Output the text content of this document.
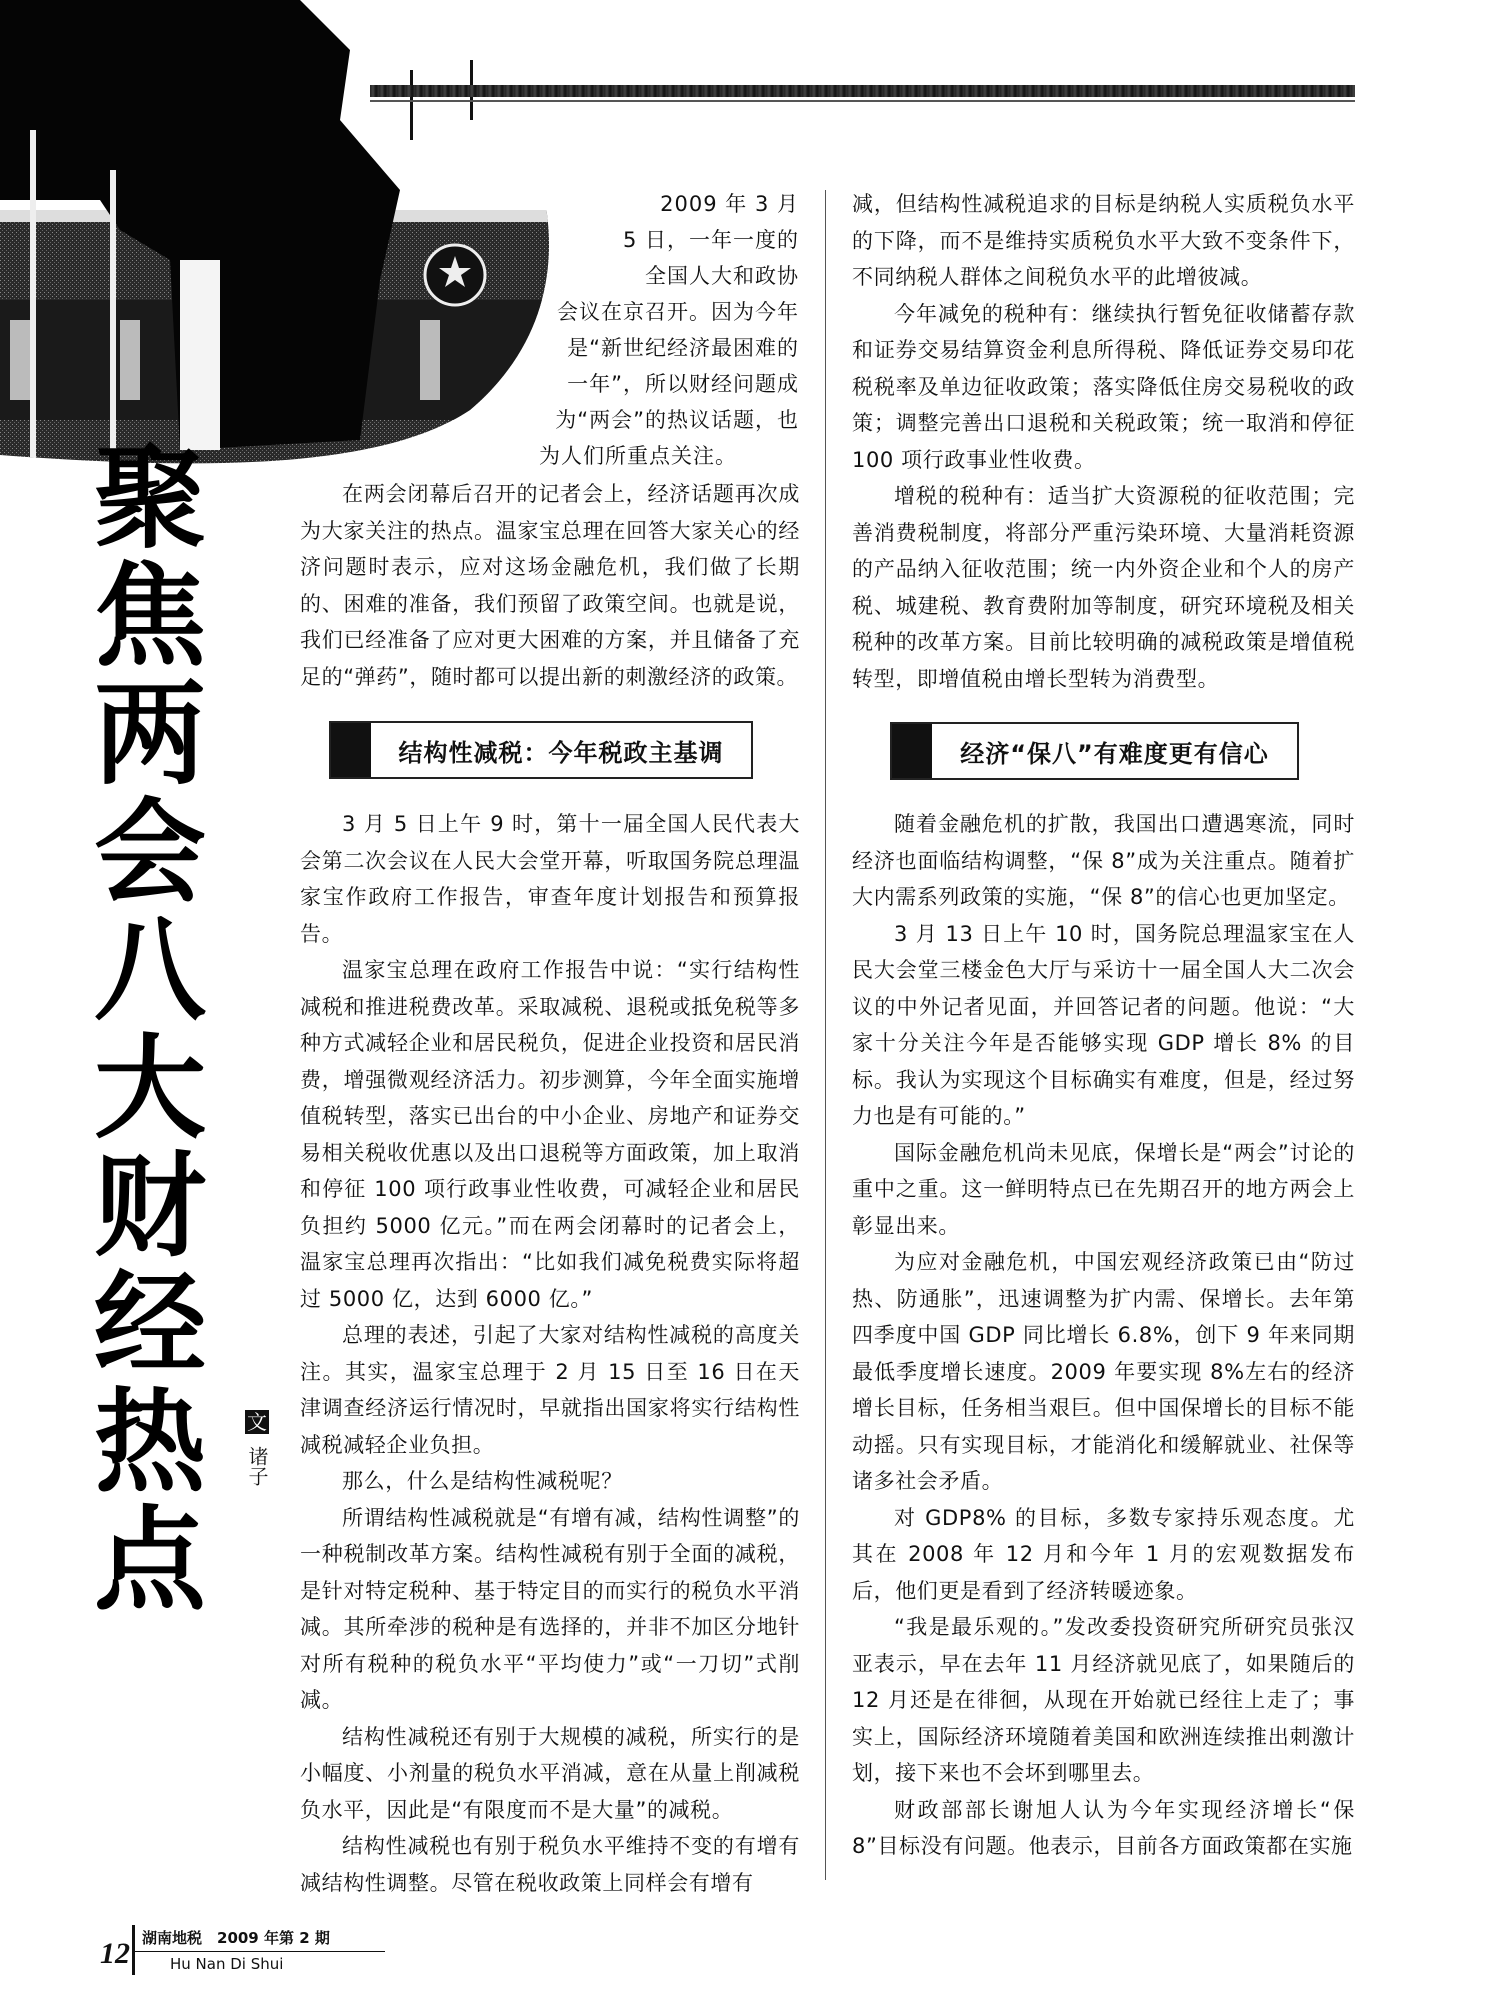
2009 年 3 月
5 日，一年一度的
全国人大和政协
会议在京召开。因为今年
是“新世纪经济最困难的
一年”，所以财经问题成
为“两会”的热议话题，也
为人们所重点关注。
聚
焦
两
会
八
大
财
经
热
点
文
诸子

在两会闭幕后召开的记者会上，经济话题再次成为大家关注的热点。温家宝总理在回答大家关心的经济问题时表示，应对这场金融危机，我们做了长期的、困难的准备，我们预留了政策空间。也就是说，我们已经准备了应对更大困难的方案，并且储备了充足的“弹药”，随时都可以提出新的刺激经济的政策。

结构性减税：今年税政主基调

3 月 5 日上午 9 时，第十一届全国人民代表大会第二次会议在人民大会堂开幕，听取国务院总理温家宝作政府工作报告，审查年度计划报告和预算报告。

温家宝总理在政府工作报告中说：“实行结构性减税和推进税费改革。采取减税、退税或抵免税等多种方式减轻企业和居民税负，促进企业投资和居民消费，增强微观经济活力。初步测算，今年全面实施增值税转型，落实已出台的中小企业、房地产和证券交易相关税收优惠以及出口退税等方面政策，加上取消和停征 100 项行政事业性收费，可减轻企业和居民负担约 5000 亿元。”而在两会闭幕时的记者会上，温家宝总理再次指出：“比如我们减免税费实际将超过 5000 亿，达到 6000 亿。”

总理的表述，引起了大家对结构性减税的高度关注。其实，温家宝总理于 2 月 15 日至 16 日在天津调查经济运行情况时，早就指出国家将实行结构性减税减轻企业负担。

那么，什么是结构性减税呢？

所谓结构性减税就是“有增有减，结构性调整”的一种税制改革方案。结构性减税有别于全面的减税，是针对特定税种、基于特定目的而实行的税负水平消减。其所牵涉的税种是有选择的，并非不加区分地针对所有税种的税负水平“平均使力”或“一刀切”式削减。

结构性减税还有别于大规模的减税，所实行的是小幅度、小剂量的税负水平消减，意在从量上削减税负水平，因此是“有限度而不是大量”的减税。

结构性减税也有别于税负水平维持不变的有增有减结构性调整。尽管在税收政策上同样会有增有

减，但结构性减税追求的目标是纳税人实质税负水平的下降，而不是维持实质税负水平大致不变条件下，不同纳税人群体之间税负水平的此增彼减。

今年减免的税种有：继续执行暂免征收储蓄存款和证券交易结算资金利息所得税、降低证券交易印花税税率及单边征收政策；落实降低住房交易税收的政策；调整完善出口退税和关税政策；统一取消和停征 100 项行政事业性收费。

增税的税种有：适当扩大资源税的征收范围；完善消费税制度，将部分严重污染环境、大量消耗资源的产品纳入征收范围；统一内外资企业和个人的房产税、城建税、教育费附加等制度，研究环境税及相关税种的改革方案。目前比较明确的减税政策是增值税转型，即增值税由增长型转为消费型。

经济“保八”有难度更有信心

随着金融危机的扩散，我国出口遭遇寒流，同时经济也面临结构调整，“保 8”成为关注重点。随着扩大内需系列政策的实施，“保 8”的信心也更加坚定。

3 月 13 日上午 10 时，国务院总理温家宝在人民大会堂三楼金色大厅与采访十一届全国人大二次会议的中外记者见面，并回答记者的问题。他说：“大家十分关注今年是否能够实现 GDP 增长 8% 的目标。我认为实现这个目标确实有难度，但是，经过努力也是有可能的。”

国际金融危机尚未见底，保增长是“两会”讨论的重中之重。这一鲜明特点已在先期召开的地方两会上彰显出来。

为应对金融危机，中国宏观经济政策已由“防过热、防通胀”，迅速调整为扩内需、保增长。去年第四季度中国 GDP 同比增长 6.8%，创下 9 年来同期最低季度增长速度。2009 年要实现 8%左右的经济增长目标，任务相当艰巨。但中国保增长的目标不能动摇。只有实现目标，才能消化和缓解就业、社保等诸多社会矛盾。

对 GDP8% 的目标，多数专家持乐观态度。尤其在 2008 年 12 月和今年 1 月的宏观数据发布后，他们更是看到了经济转暖迹象。

“我是最乐观的。”发改委投资研究所研究员张汉亚表示，早在去年 11 月经济就见底了，如果随后的 12 月还是在徘徊，从现在开始就已经往上走了；事实上，国际经济环境随着美国和欧洲连续推出刺激计划，接下来也不会坏到哪里去。

财政部部长谢旭人认为今年实现经济增长“保 8”目标没有问题。他表示，目前各方面政策都在实施

12 湖南地税　2009 年第 2 期
Hu Nan Di Shui
